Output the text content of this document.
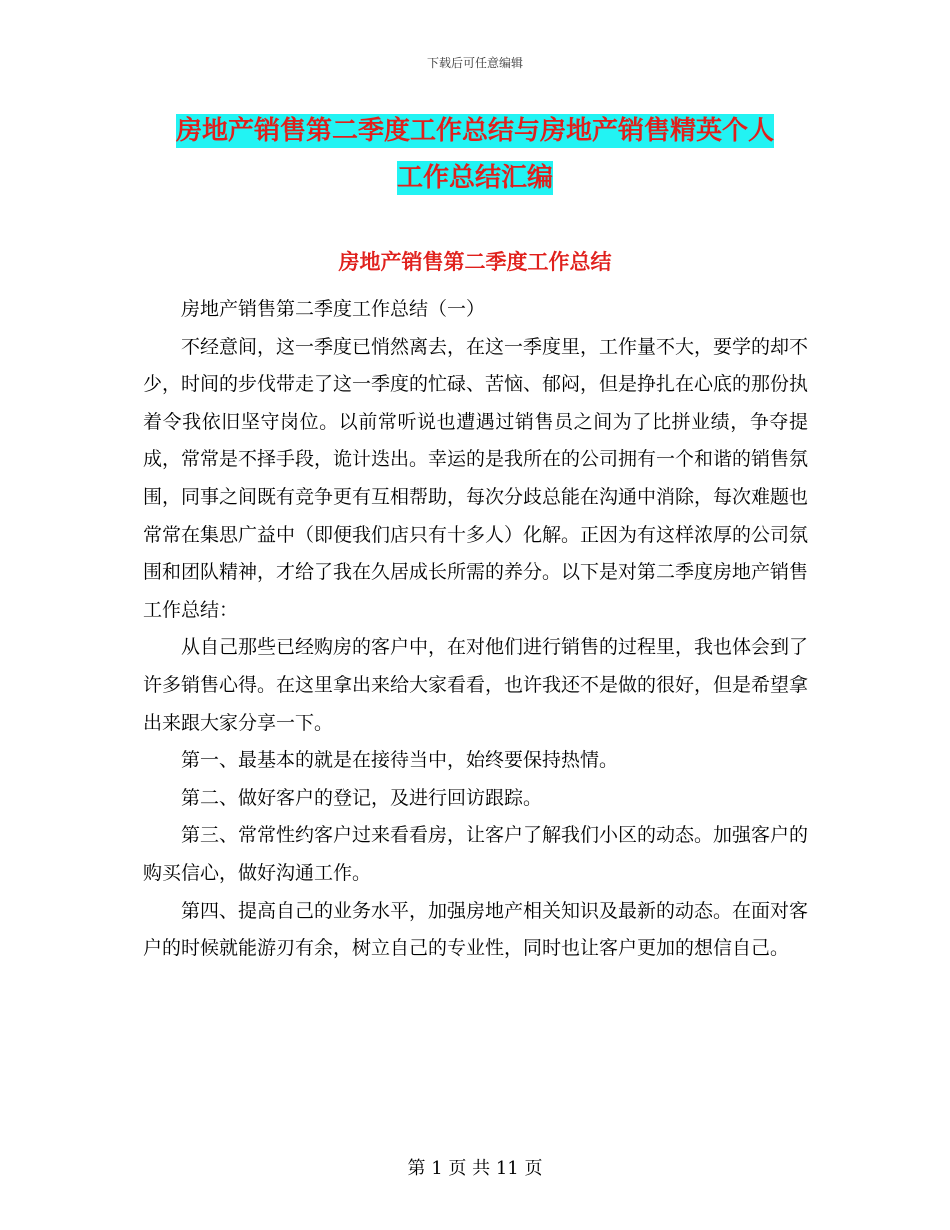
下载后可任意编辑
房地产销售第二季度工作总结与房地产销售精英个人
工作总结汇编
房地产销售第二季度工作总结

房地产销售第二季度工作总结（一）

不经意间，这一季度已悄然离去，在这一季度里，工作量不大，要学的却不少，时间的步伐带走了这一季度的忙碌、苦恼、郁闷，但是挣扎在心底的那份执着令我依旧坚守岗位。以前常听说也遭遇过销售员之间为了比拼业绩，争夺提成，常常是不择手段，诡计迭出。幸运的是我所在的公司拥有一个和谐的销售氛围，同事之间既有竞争更有互相帮助，每次分歧总能在沟通中消除，每次难题也常常在集思广益中（即便我们店只有十多人）化解。正因为有这样浓厚的公司氛围和团队精神，才给了我在久居成长所需的养分。以下是对第二季度房地产销售工作总结：

从自己那些已经购房的客户中，在对他们进行销售的过程里，我也体会到了许多销售心得。在这里拿出来给大家看看，也许我还不是做的很好，但是希望拿出来跟大家分享一下。

第一、最基本的就是在接待当中，始终要保持热情。

第二、做好客户的登记，及进行回访跟踪。

第三、常常性约客户过来看看房，让客户了解我们小区的动态。加强客户的购买信心，做好沟通工作。

第四、提高自己的业务水平，加强房地产相关知识及最新的动态。在面对客户的时候就能游刃有余，树立自己的专业性，同时也让客户更加的想信自己。

第 1 页 共 11 页
